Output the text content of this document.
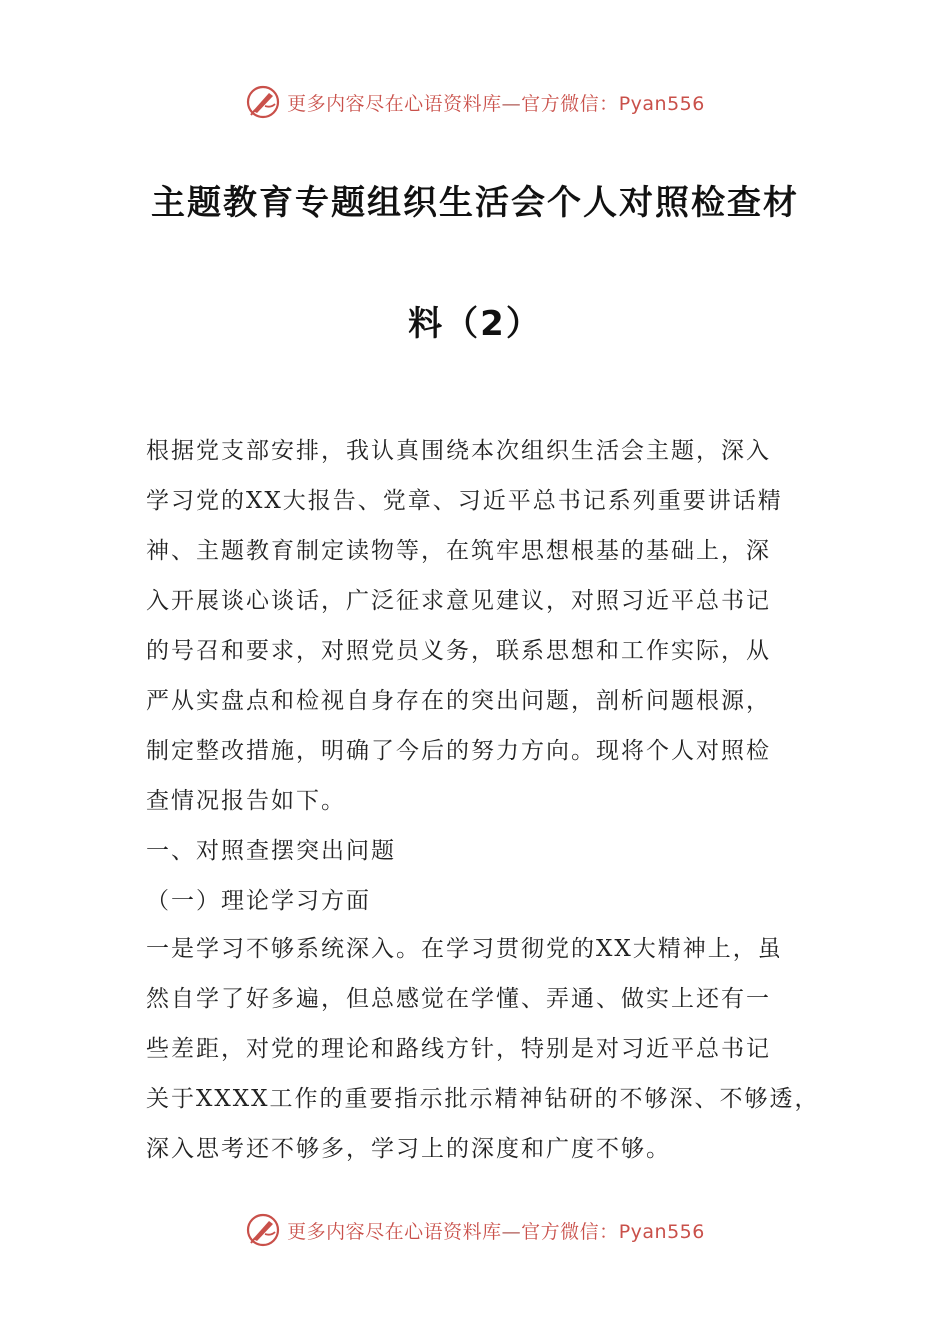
更多内容尽在心语资料库—官方微信：Pyan556
主题教育专题组织生活会个人对照检查材
料（2）
根据党支部安排，我认真围绕本次组织生活会主题，深入
学习党的XX大报告、党章、习近平总书记系列重要讲话精
神、主题教育制定读物等，在筑牢思想根基的基础上，深
入开展谈心谈话，广泛征求意见建议，对照习近平总书记
的号召和要求，对照党员义务，联系思想和工作实际，从
严从实盘点和检视自身存在的突出问题，剖析问题根源，
制定整改措施，明确了今后的努力方向。现将个人对照检
查情况报告如下。
一、对照查摆突出问题
（一）理论学习方面
一是学习不够系统深入。在学习贯彻党的XX大精神上，虽
然自学了好多遍，但总感觉在学懂、弄通、做实上还有一
些差距，对党的理论和路线方针，特别是对习近平总书记
关于XXXX工作的重要指示批示精神钻研的不够深、不够透，
深入思考还不够多，学习上的深度和广度不够。
更多内容尽在心语资料库—官方微信：Pyan556
